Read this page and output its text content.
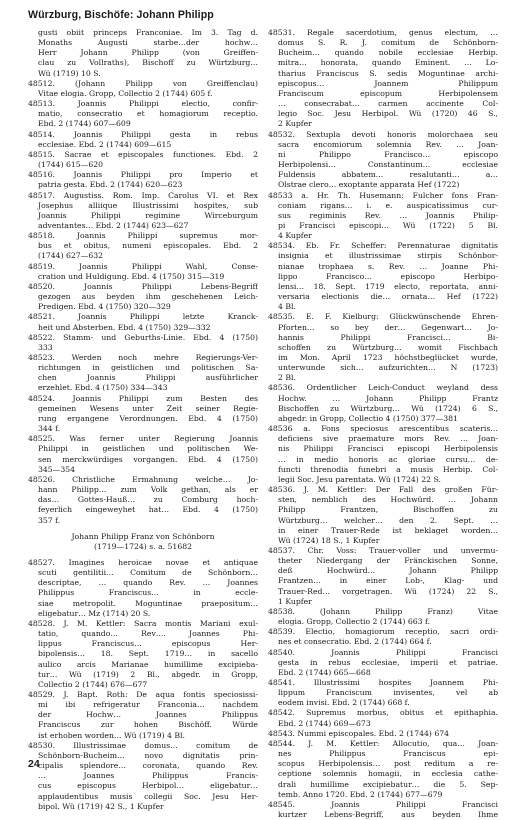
Würzburg, Bischöfe: Johann Philipp
gusti obiit princeps Franconiae. Im 3. Tag d.
Monaths Augusti starbe…der hochw…
Herr Johann Philipp (von Greiffen-
clau zu Vollraths), Bischoff zu Würtzburg…
Wü (1719) 10 S.
48512. (Johann Philipp von Greiffenclau)
Vitae elogia. Gropp, Collectio 2 (1744) 605 f.
48513. Joannis Philippi electio, confir-
matio, consecratio et homagiorum receptio.
Ebd. 2 (1744) 607—609
48514. Joannis Philippi gesta in rebus
ecclesiae. Ebd. 2 (1744) 609—615
48515. Sacrae et episcopales functiones. Ebd. 2
(1744) 615—620
48516. Joannis Philippi pro Imperio et
patria gesta. Ebd. 2 (1744) 620—623
48517. Augustiss. Rom. Imp. Carolus VI. et Rex
Josephus alliique Illustrissimi hospites, sub
Joannis Philippi regimine Wirceburgum
adventantes… Ebd. 2 (1744) 623—627
48518. Joannis Philippi supremus mor-
bus et obitus, numeni episcopales. Ebd. 2
(1744) 627—632
48519. Joannis Philippi Wahl, Conse-
cration und Huldigung. Ebd. 4 (1750) 315—319
48520. Joannis Philippi Lebens-Begriff
gezogen aus beyden ihm geschehenen Leich-
Predigen. Ebd. 4 (1750) 320—329
48521. Joannis Philippi letzte Kranck-
heit und Absterben. Ebd. 4 (1750) 329—332
48522. Stamm- und Geburths-Linie. Ebd. 4 (1750)
333
48523. Werden noch mehre Regierungs-Ver-
richtungen in geistlichen und politischen Sa-
chen Joannis Philippi ausführlicher
erzehlet. Ebd. 4 (1750) 334—343
48524. Joannis Philippi zum Besten des
gemeinen Wesens unter Zeit seiner Regie-
rung ergangene Verordnungen. Ebd. 4 (1750)
344 f.
48525. Was ferner unter Regierung Joannis
Philippi in geistlichen und politischen We-
sen merckwürdiges vorgangen. Ebd. 4 (1750)
345—354
48526. Christliche Ermahnung welche… Jo-
hann Philipp… zum Volk gethan, als er
das… Gottes-Hauß… zu Comburg hoch-
feyerlich eingeweyhet hat… Ebd. 4 (1750)
357 f.
Johann Philipp Franz von Schönborn
(1719—1724) s. a. 51682
48527. Imagines heroicae novae et antiquae
scuti gentilitii… Comitum de Schönborn…
descriptae, … quando Rev. … Joannes
Philippus Franciscus… in eccle-
siae metropolit. Moguntinae praepositum…
eligebatur… Mz (1714) 20 S.
48528. J. M. Kettler: Sacra montis Mariani exul-
tatio, quando… Rev…. Joannes Phi-
lippus Franciscus… episcopus Her-
bipolensis… 18. Sept. 1719… in sacello
aulico arcis Marianae humillime excipieba-
tur… Wü (1719) 2 Bl., abgedr. in Gropp,
Collectio 2 (1744) 676—677
48529. J. Bapt. Roth: De aqua fontis speciosissi-
mi ibi refrigeratur Franconia… nachdem
der Hochw… Joannes Philippus
Franciscus zur hohen Bischöff. Würde
ist erhoben worden… Wü (1719) 4 Bl.
48530. Illustrissimae domus… comitum de
Schönborn-Bucheim… novo dignitatis prin-
cipalis splendore… coronata, quando Rev.
… Joannes Philippus Francis-
cus episcopus Herbipol… eligebatur…
applaudentibus musis collegii Soc. Jesu Her-
bipol. Wü (1719) 42 S., 1 Kupfer
48531. Regale sacerdotium, genus electum, …
domus S. R. J. comitum de Schönborn-
Bucheim… quando nobile ecclesiae Herbip.
mitra… honorata, quando Eminent. … Lo-
tharius Franciscus S. sedis Moguntinae archi-
episcopus… Joannem Philippum
Franciscum episcopum Herbipolensem
… consecrabat… carmen accinente Col-
legio Soc. Jesu Herbipol. Wü (1720) 46 S.,
2 Kupfer
48532. Sextupla devoti honoris molorchaea seu
sacra encomiorum solemnia Rev. … Joan-
ni Philippo Francisco… episcopo
Herbipolensi… Constantinum… ecclesiae
Fuldensis abbatem… resalutanti… a…
Olstrae clero… exoptante apparata Hef (1722)
48533 a. Hr. Th. Husemann: Fulcher fons Fran-
coniam rigans… i. e. auspicatissimus cur-
sus regiminis Rev. … Joannis Philip-
pi Francisci episcopi… Wü (1722) 5 Bl.
4 Kupfer
48534. Eb. Fr. Scheffer: Perennaturae dignitatis
insignia et illustrissimae stirpis Schönbor-
nianae trophaea s. Rev. … Joanne Phi-
lippo Francisco… episcopo Herbipo-
lensi… 18. Sept. 1719 electo, reportata, anni-
versaria electionis die… ornata… Hef (1722)
4 Bl.
48535. E. F. Kielburg: Glückwünschende Ehren-
Pforten… so bey der… Gegenwart… Jo-
hannis Philippi Francisci… Bi-
schoffen zu Würtzburg… womit Fischbach
im Mon. April 1723 höchstbeglücket wurde,
unterwunde sich… aufzurichten… N (1723)
2 Bl.
48536. Ordentlicher Leich-Conduct weyland dess
Hochw. … Johann Philipp Frantz
Bischoffen zu Würtzburg… Wü (1724) 6 S.,
abgedr. in Gropp, Collectio 4 (1750) 377—381
48536 a. Fons speciosus arescentibus scateris…
deficiens sive praemature mors Rev. … Joan-
nis Philippi Francisci episcopi Herbipolensis
… in medio honoris ac gloriae cursu… de-
functi threnodia funebri a musis Herbip. Col-
legii Soc. Jesu parentata. Wü (1724) 22 S.
48536. J. M. Kettler: Der Fall des großen Für-
sten, nemblich des Hochwürd. … Johann
Philipp Frantzen, Bischoffen zu
Würtzburg… welcher… den 2. Sept. …
in einer Trauer-Rede ist beklaget worden…
Wü (1724) 18 S., 1 Kupfer
48537. Chr. Voss: Trauer-voller und unvermu-
theter Niedergang der Fränckischen Sonne,
deß Hochwürd… Johann Philipp
Frantzen… in einer Lob-, Klag- und
Trauer-Red… vorgetragen. Wü (1724) 22 S.,
1 Kupfer
48538. (Johann Philipp Franz) Vitae
elogia. Gropp, Collectio 2 (1744) 663 f.
48539. Electio, homagiorum receptio, sacri ordi-
nes et consecratio. Ebd. 2 (1744) 664 f.
48540. Joannis Philippi Francisci
gesta in rebus ecclesiae, imperii et patriae.
Ebd. 2 (1744) 665—668
48541. Illustrissimi hospites Joannem Phi-
lippum Franciscum invisentes, vel ab
eodem invisi. Ebd. 2 (1744) 668 f.
48542. Supremus morbus, obitus et epithaphia.
Ebd. 2 (1744) 669—673
48543. Nummi episcopales. Ebd. 2 (1744) 674
48544. J. M. Kettler: Allocutio, qua… Joan-
nes Philippus Franciscus epi-
scopus Herbipolensis… post reditum a re-
ceptione solemnis homagii, in ecclesia cathe-
drali humillime excipiebatur… die 5. Sep-
temb. Anno 1720. Ebd. 2 (1744) 677—679
48545. Joannis Philippi Francisci
kurtzer Lebens-Begriff, aus beyden Ihme
24
